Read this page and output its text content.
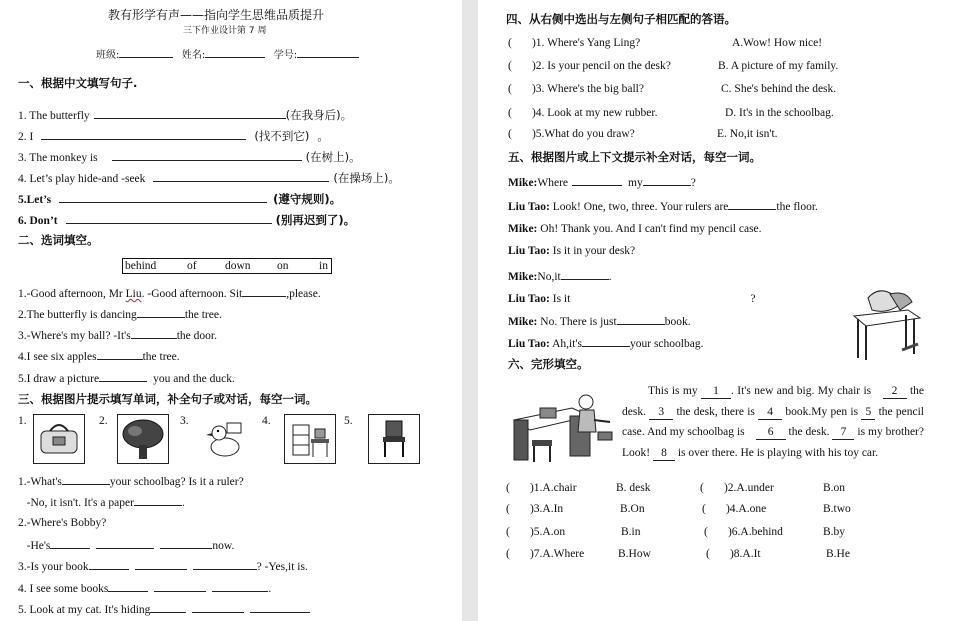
教有形学有声——指向学生思维品质提升
三下作业设计第 7 周
班级:	姓名:	学号:
一、根据中文填写句子.
1. The butterfly	(在我身后)。
2. I	(找不到它) 。
3. The monkey is	(在树上)。
4. Let’s play hide-and -seek	(在操场上)。
5.Let’s	(遵守规则)。
6. Don’t	(别再迟到了)。
二、选词填空。
behind	of down on	in
1.-Good afternoon, Mr Liu. -Good afternoon. Sit	,please.
2.The butterfly is dancing	the tree.
3.-Where's my ball? -It's	the door.
4.I see six apples	the tree.
5.I draw a picture	you and the duck.
三、根据图片提示填写单词，补全句子或对话，每空一词。
1.	2.	3.	4.	5.
1.-What's	your schoolbag? Is it a ruler?
-No, it isn't. It's a paper	.
2.-Where's Bobby?
-He's	now.
3.-Is your book	? -Yes,it is.
4. I see some books	.
5. Look at my cat. It's hiding
四、从右侧中选出与左侧句子相匹配的答语。
(       )1. Where's Yang Ling?	A.Wow! How nice!
(       )2. Is your pencil on the desk?	B. A picture of my family.
(       )3. Where's the big ball?	C. She's behind the desk.
(       )4. Look at my new rubber.	D. It's in the schoolbag.
(       )5.What do you draw?	E. No,it isn't.
五、根据图片或上下文提示补全对话，每空一词。
Mike:Where	my	?
Liu Tao: Look! One, two, three. Your rulers are	the floor.
Mike: Oh! Thank you. And I can't find my pencil case.
Liu Tao: Is it in your desk?
Mike:No,it	.
Liu Tao: Is it	?
Mike: No. There is just	book.
Liu Tao: Ah,it's	your schoolbag.
六、完形填空。
This is my 1 . It's new and big. My chair is 2 the desk. 3 the desk, there is 4 book.My pen is 5 the pencil case. And my schoolbag is 6 the desk. 7 is my brother? Look! 8 is over there. He is playing with his toy car.
(       )1.A.chair	B. desk	(       )2.A.under	B.on
(       )3.A.In	B.On	(       )4.A.one	B.two
(       )5.A.on	B.in	(       )6.A.behind	B.by
(       )7.A.Where	B.How	(       )8.A.It	B.He
